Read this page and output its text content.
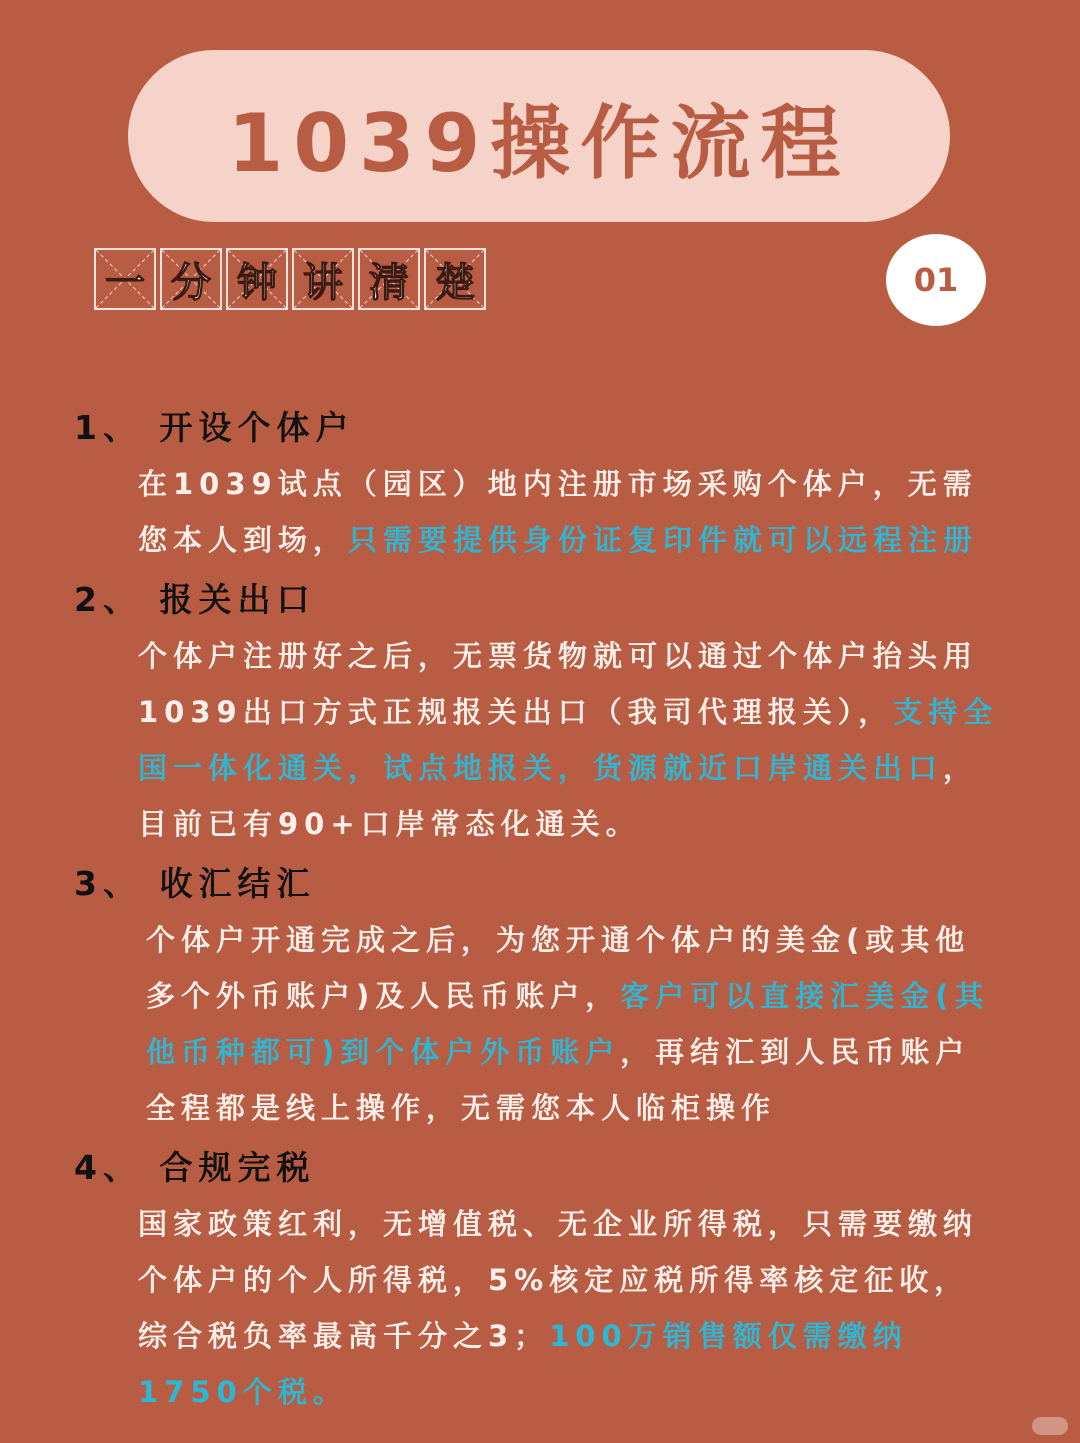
1039操作流程
一 分 钟 讲 清 楚	01
1、 开设个体户

在1039试点（园区）地内注册市场采购个体户，无需您本人到场，只需要提供身份证复印件就可以远程注册

2、 报关出口

个体户注册好之后，无票货物就可以通过个体户抬头用1039出口方式正规报关出口（我司代理报关），支持全国一体化通关，试点地报关，货源就近口岸通关出口，目前已有90+口岸常态化通关。

3、 收汇结汇

个体户开通完成之后，为您开通个体户的美金(或其他多个外币账户)及人民币账户，客户可以直接汇美金(其他币种都可)到个体户外币账户，再结汇到人民币账户全程都是线上操作，无需您本人临柜操作

4、 合规完税

国家政策红利，无增值税、无企业所得税，只需要缴纳个体户的个人所得税，5%核定应税所得率核定征收，综合税负率最高千分之3；100万销售额仅需缴纳1750个税。
